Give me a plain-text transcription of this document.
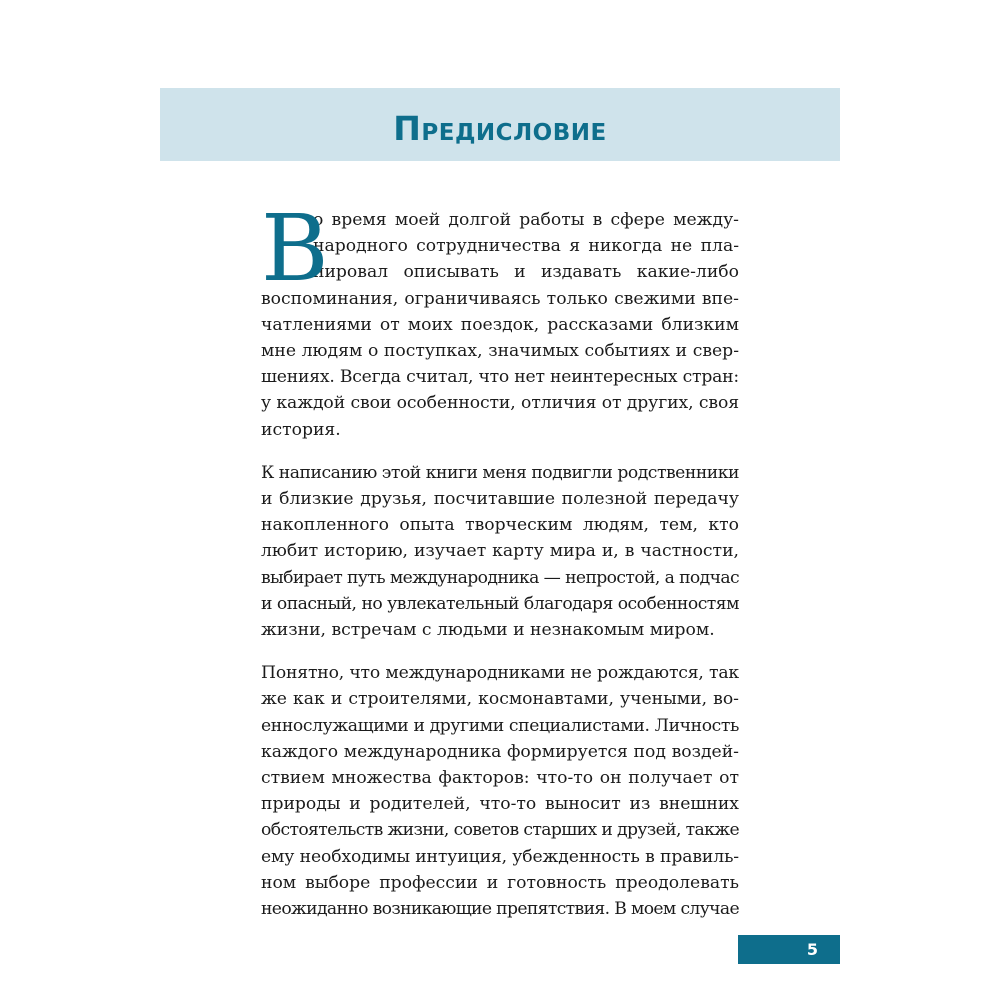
Предисловие
В
о время моей долгой работы в сфере между-
народного сотрудничества я никогда не пла-
нировал описывать и издавать какие-либо
воспоминания, ограничиваясь только свежими впе-
чатлениями от моих поездок, рассказами близким
мне людям о поступках, значимых событиях и свер-
шениях. Всегда считал, что нет неинтересных стран:
у каждой свои особенности, отличия от других, своя
история.
К написанию этой книги меня подвигли родственники
и близкие друзья, посчитавшие полезной передачу
накопленного опыта творческим людям, тем, кто
любит историю, изучает карту мира и, в частности,
выбирает путь международника — непростой, а подчас
и опасный, но увлекательный благодаря особенностям
жизни, встречам с людьми и незнакомым миром.
Понятно, что международниками не рождаются, так
же как и строителями, космонавтами, учеными, во-
еннослужащими и другими специалистами. Личность
каждого международника формируется под воздей-
ствием множества факторов: что-то он получает от
природы и родителей, что-то выносит из внешних
обстоятельств жизни, советов старших и друзей, также
ему необходимы интуиция, убежденность в правиль-
ном выборе профессии и готовность преодолевать
неожиданно возникающие препятствия. В моем случае
5
